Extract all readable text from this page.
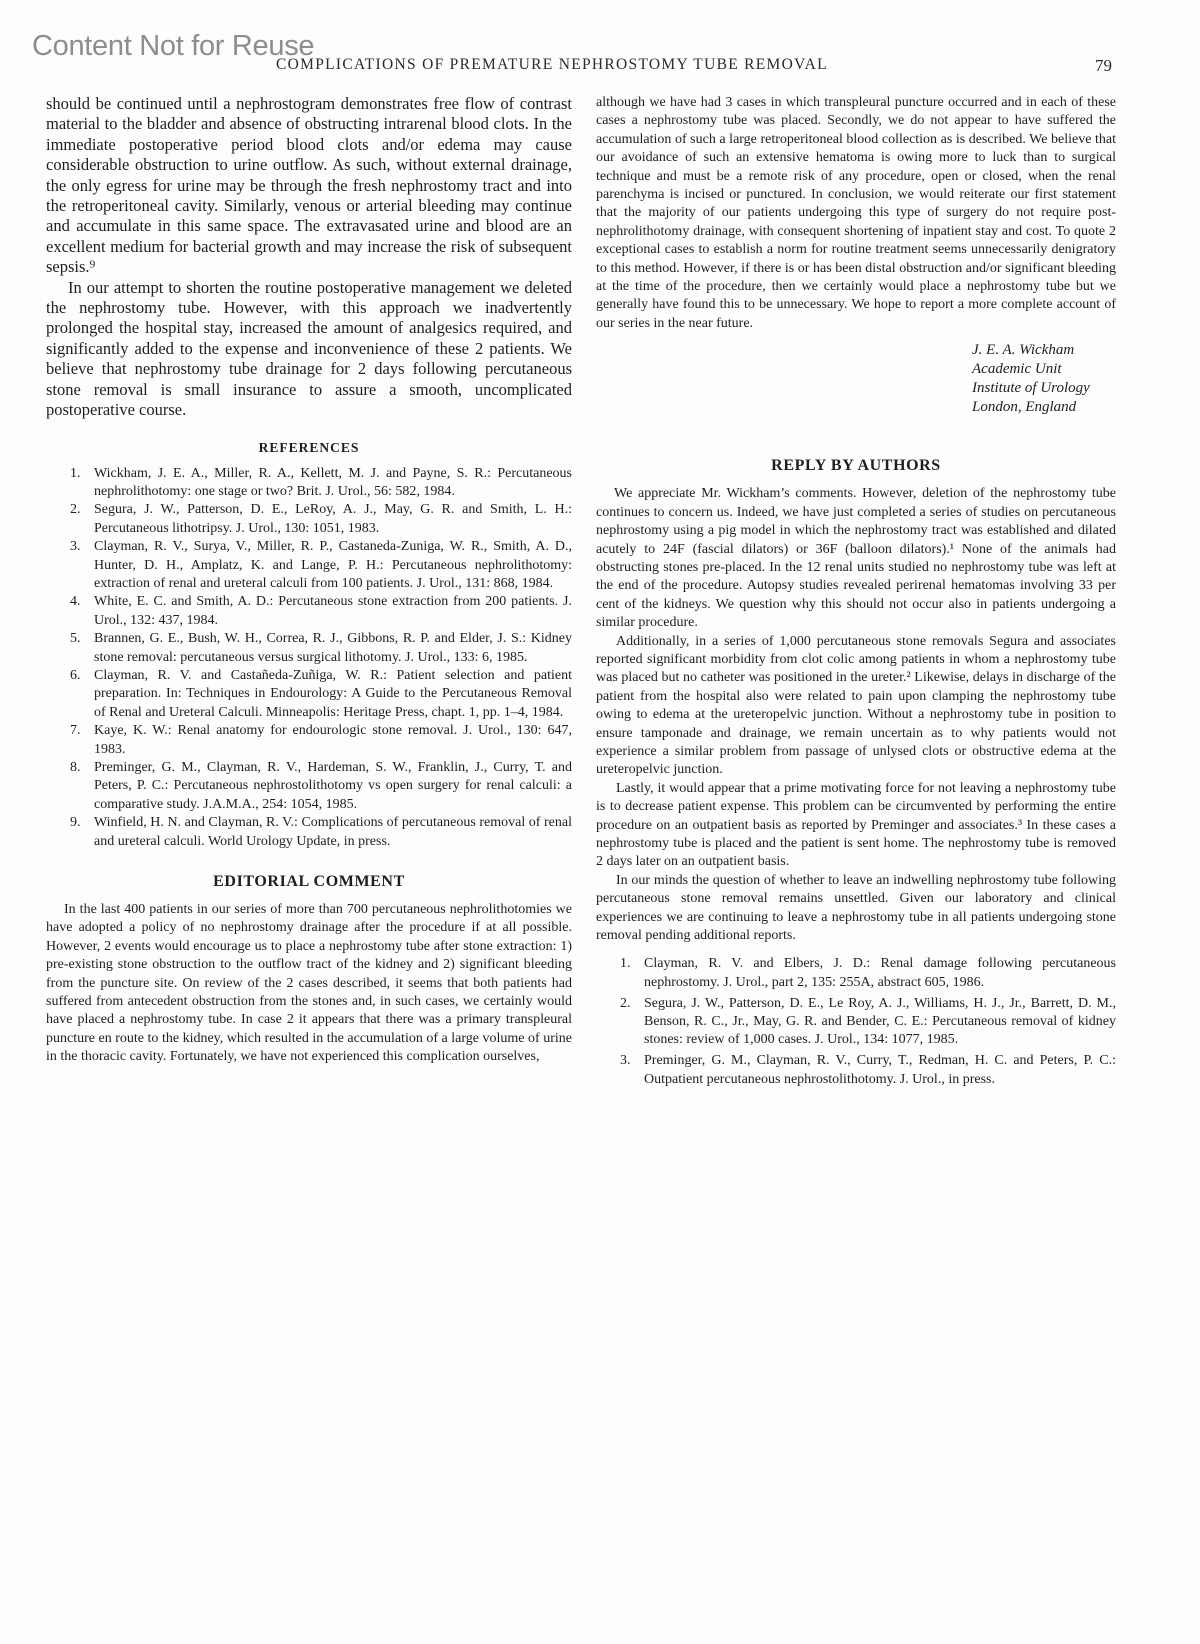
Content Not for Reuse
COMPLICATIONS OF PREMATURE NEPHROSTOMY TUBE REMOVAL	79

should be continued until a nephrostogram demonstrates free flow of contrast material to the bladder and absence of obstructing intrarenal blood clots. In the immediate postoperative period blood clots and/or edema may cause considerable obstruction to urine outflow. As such, without external drainage, the only egress for urine may be through the fresh nephrostomy tract and into the retroperitoneal cavity. Similarly, venous or arterial bleeding may continue and accumulate in this same space. The extravasated urine and blood are an excellent medium for bacterial growth and may increase the risk of subsequent sepsis.⁹

In our attempt to shorten the routine postoperative management we deleted the nephrostomy tube. However, with this approach we inadvertently prolonged the hospital stay, increased the amount of analgesics required, and significantly added to the expense and inconvenience of these 2 patients. We believe that nephrostomy tube drainage for 2 days following percutaneous stone removal is small insurance to assure a smooth, uncomplicated postoperative course.

REFERENCES
1. Wickham, J. E. A., Miller, R. A., Kellett, M. J. and Payne, S. R.: Percutaneous nephrolithotomy: one stage or two? Brit. J. Urol., 56: 582, 1984.
2. Segura, J. W., Patterson, D. E., LeRoy, A. J., May, G. R. and Smith, L. H.: Percutaneous lithotripsy. J. Urol., 130: 1051, 1983.
3. Clayman, R. V., Surya, V., Miller, R. P., Castaneda-Zuniga, W. R., Smith, A. D., Hunter, D. H., Amplatz, K. and Lange, P. H.: Percutaneous nephrolithotomy: extraction of renal and ureteral calculi from 100 patients. J. Urol., 131: 868, 1984.
4. White, E. C. and Smith, A. D.: Percutaneous stone extraction from 200 patients. J. Urol., 132: 437, 1984.
5. Brannen, G. E., Bush, W. H., Correa, R. J., Gibbons, R. P. and Elder, J. S.: Kidney stone removal: percutaneous versus surgical lithotomy. J. Urol., 133: 6, 1985.
6. Clayman, R. V. and Castañeda-Zuñiga, W. R.: Patient selection and patient preparation. In: Techniques in Endourology: A Guide to the Percutaneous Removal of Renal and Ureteral Calculi. Minneapolis: Heritage Press, chapt. 1, pp. 1–4, 1984.
7. Kaye, K. W.: Renal anatomy for endourologic stone removal. J. Urol., 130: 647, 1983.
8. Preminger, G. M., Clayman, R. V., Hardeman, S. W., Franklin, J., Curry, T. and Peters, P. C.: Percutaneous nephrostolithotomy vs open surgery for renal calculi: a comparative study. J.A.M.A., 254: 1054, 1985.
9. Winfield, H. N. and Clayman, R. V.: Complications of percutaneous removal of renal and ureteral calculi. World Urology Update, in press.
EDITORIAL COMMENT

In the last 400 patients in our series of more than 700 percutaneous nephrolithotomies we have adopted a policy of no nephrostomy drainage after the procedure if at all possible. However, 2 events would encourage us to place a nephrostomy tube after stone extraction: 1) pre-existing stone obstruction to the outflow tract of the kidney and 2) significant bleeding from the puncture site. On review of the 2 cases described, it seems that both patients had suffered from antecedent obstruction from the stones and, in such cases, we certainly would have placed a nephrostomy tube. In case 2 it appears that there was a primary transpleural puncture en route to the kidney, which resulted in the accumulation of a large volume of urine in the thoracic cavity. Fortunately, we have not experienced this complication ourselves,

although we have had 3 cases in which transpleural puncture occurred and in each of these cases a nephrostomy tube was placed. Secondly, we do not appear to have suffered the accumulation of such a large retroperitoneal blood collection as is described. We believe that our avoidance of such an extensive hematoma is owing more to luck than to surgical technique and must be a remote risk of any procedure, open or closed, when the renal parenchyma is incised or punctured. In conclusion, we would reiterate our first statement that the majority of our patients undergoing this type of surgery do not require post-nephrolithotomy drainage, with consequent shortening of inpatient stay and cost. To quote 2 exceptional cases to establish a norm for routine treatment seems unnecessarily denigratory to this method. However, if there is or has been distal obstruction and/or significant bleeding at the time of the procedure, then we certainly would place a nephrostomy tube but we generally have found this to be unnecessary. We hope to report a more complete account of our series in the near future.

J. E. A. Wickham
Academic Unit
Institute of Urology
London, England
REPLY BY AUTHORS

We appreciate Mr. Wickham’s comments. However, deletion of the nephrostomy tube continues to concern us. Indeed, we have just completed a series of studies on percutaneous nephrostomy using a pig model in which the nephrostomy tract was established and dilated acutely to 24F (fascial dilators) or 36F (balloon dilators).¹ None of the animals had obstructing stones pre-placed. In the 12 renal units studied no nephrostomy tube was left at the end of the procedure. Autopsy studies revealed perirenal hematomas involving 33 per cent of the kidneys. We question why this should not occur also in patients undergoing a similar procedure.

Additionally, in a series of 1,000 percutaneous stone removals Segura and associates reported significant morbidity from clot colic among patients in whom a nephrostomy tube was placed but no catheter was positioned in the ureter.² Likewise, delays in discharge of the patient from the hospital also were related to pain upon clamping the nephrostomy tube owing to edema at the ureteropelvic junction. Without a nephrostomy tube in position to ensure tamponade and drainage, we remain uncertain as to why patients would not experience a similar problem from passage of unlysed clots or obstructive edema at the ureteropelvic junction.

Lastly, it would appear that a prime motivating force for not leaving a nephrostomy tube is to decrease patient expense. This problem can be circumvented by performing the entire procedure on an outpatient basis as reported by Preminger and associates.³ In these cases a nephrostomy tube is placed and the patient is sent home. The nephrostomy tube is removed 2 days later on an outpatient basis.

In our minds the question of whether to leave an indwelling nephrostomy tube following percutaneous stone removal remains unsettled. Given our laboratory and clinical experiences we are continuing to leave a nephrostomy tube in all patients undergoing stone removal pending additional reports.

1. Clayman, R. V. and Elbers, J. D.: Renal damage following percutaneous nephrostomy. J. Urol., part 2, 135: 255A, abstract 605, 1986.
2. Segura, J. W., Patterson, D. E., Le Roy, A. J., Williams, H. J., Jr., Barrett, D. M., Benson, R. C., Jr., May, G. R. and Bender, C. E.: Percutaneous removal of kidney stones: review of 1,000 cases. J. Urol., 134: 1077, 1985.
3. Preminger, G. M., Clayman, R. V., Curry, T., Redman, H. C. and Peters, P. C.: Outpatient percutaneous nephrostolithotomy. J. Urol., in press.
